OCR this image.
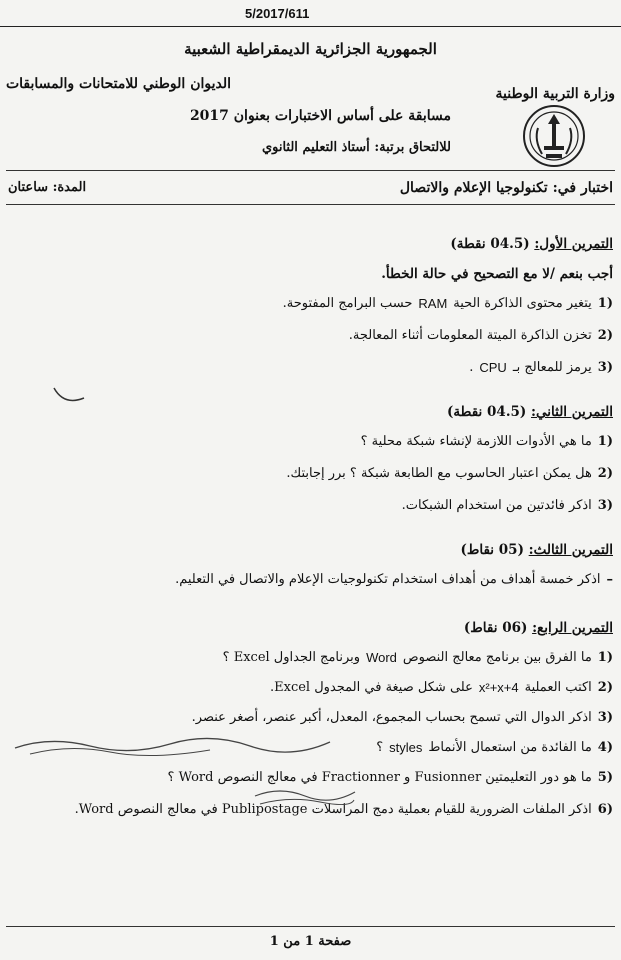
5/2017/611
الجمهورية الجزائرية الديمقراطية الشعبية
الديوان الوطني للامتحانات والمسابقات
وزارة التربية الوطنية
مسابقة على أساس الاختبارات بعنوان 2017
للالتحاق برتبة: أستاذ التعليم الثانوي
اختبار في: تكنولوجيا الإعلام والاتصال
المدة: ساعتان
التمرين الأول: (04.5 نقطة)
أجب بنعم /لا مع التصحيح في حالة الخطأ.
(1
يتغير محتوى الذاكرة الحية
RAM
حسب البرامج المفتوحة.
(2
تخزن الذاكرة الميتة المعلومات أثناء المعالجة.
(3
يرمز للمعالج بـ
CPU
.
التمرين الثاني: (04.5 نقطة)
(1
ما هي الأدوات اللازمة لإنشاء شبكة محلية ؟
(2
هل يمكن اعتبار الحاسوب مع الطابعة شبكة ؟ برر إجابتك.
(3
اذكر فائدتين من استخدام الشبكات.
التمرين الثالث: (05 نقاط)
–
اذكر خمسة أهداف من أهداف استخدام تكنولوجيات الإعلام والاتصال في التعليم.
التمرين الرابع: (06 نقاط)
(1
ما الفرق بين برنامج معالج النصوص
Word
وبرنامج الجداول Excel ؟
(2
اكتب العملية
x²+x+4
على شكل صيغة في المجدول Excel.
(3
اذكر الدوال التي تسمح بحساب المجموع، المعدل، أكبر عنصر، أصغر عنصر.
(4
ما الفائدة من استعمال الأنماط
styles
؟
(5
ما هو دور التعليمتين Fusionner و Fractionner في معالج النصوص Word ؟
(6
اذكر الملفات الضرورية للقيام بعملية دمج المراسلات Publipostage في معالج النصوص Word.
صفحة 1 من 1
